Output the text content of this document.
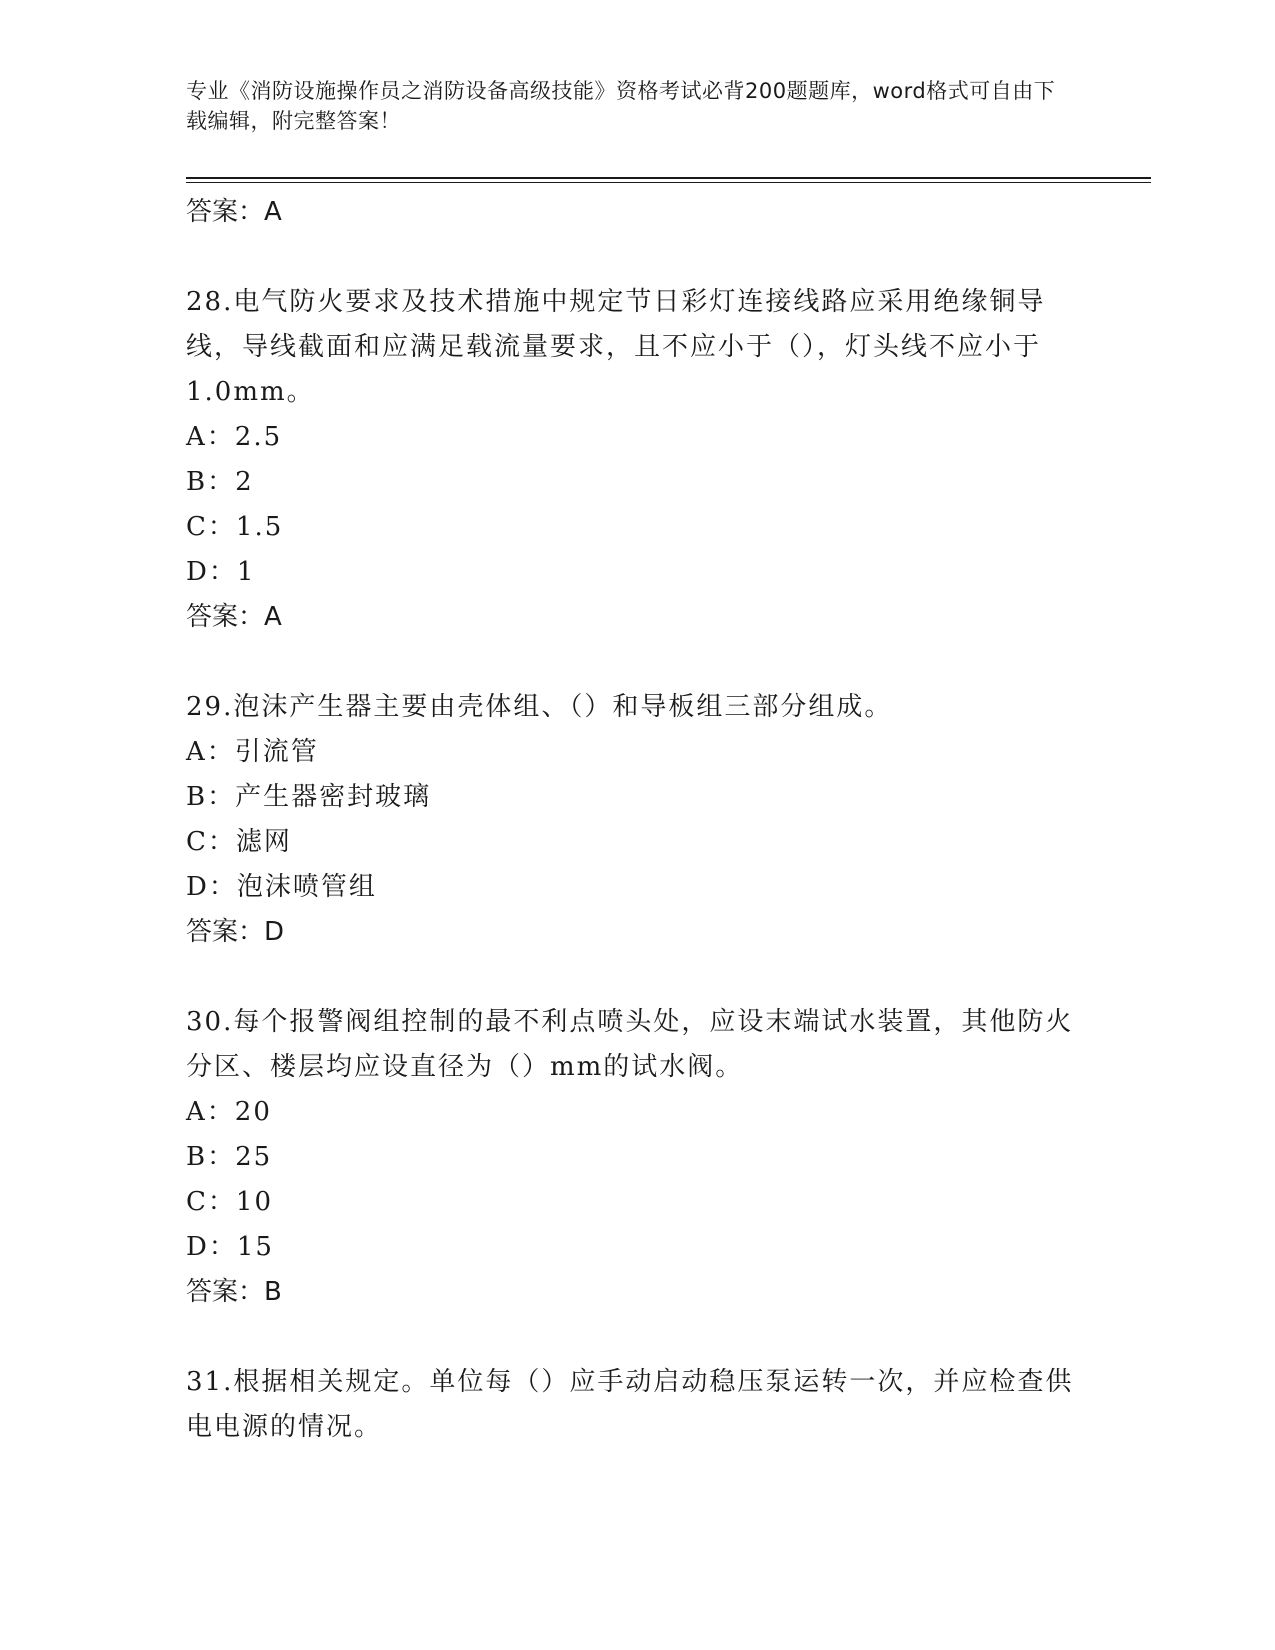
专业《消防设施操作员之消防设备高级技能》资格考试必背200题题库，word格式可自由下载编辑，附完整答案！
答案：A
28.电气防火要求及技术措施中规定节日彩灯连接线路应采用绝缘铜导线，导线截面和应满足载流量要求，且不应小于（），灯头线不应小于1.0mm。
A：2.5
B：2
C：1.5
D：1
答案：A
29.泡沫产生器主要由壳体组、（）和导板组三部分组成。
A：引流管
B：产生器密封玻璃
C：滤网
D：泡沫喷管组
答案：D
30.每个报警阀组控制的最不利点喷头处，应设末端试水装置，其他防火分区、楼层均应设直径为（）mm的试水阀。
A：20
B：25
C：10
D：15
答案：B
31.根据相关规定。单位每（）应手动启动稳压泵运转一次，并应检查供电电源的情况。
